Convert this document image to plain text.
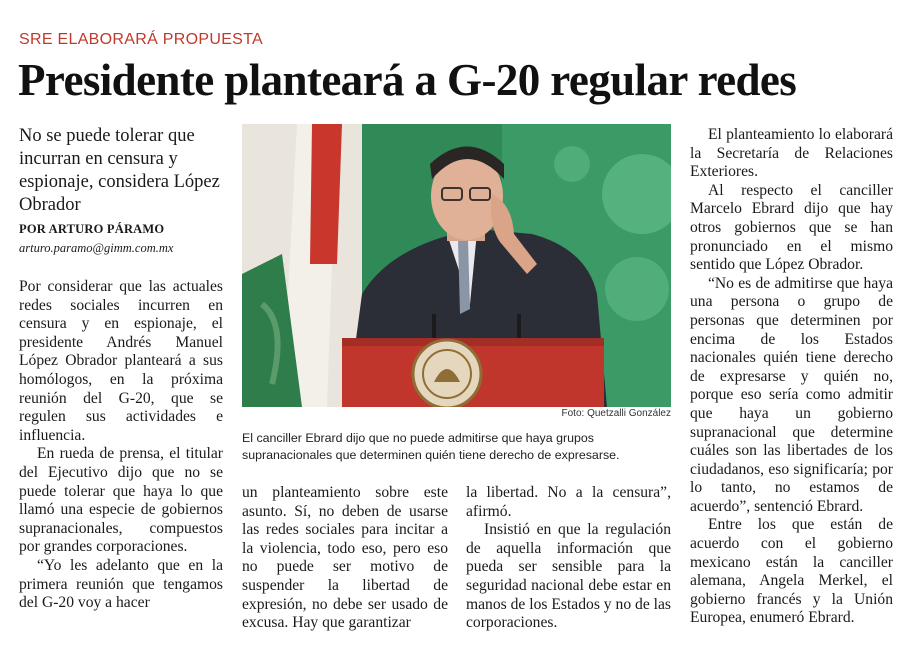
SRE ELABORARÁ PROPUESTA
Presidente planteará a G-20 regular redes
No se puede tolerar que incurran en censura y espionaje, considera López Obrador
POR ARTURO PÁRAMO
arturo.paramo@gimm.com.mx

Por considerar que las actuales redes sociales incurren en censura y en espionaje, el presidente Andrés Manuel López Obrador planteará a sus homólogos, en la próxima reunión del G-20, que se regulen sus actividades e influencia.

En rueda de prensa, el titular del Ejecutivo dijo que no se puede tolerar que haya lo que llamó una especie de gobiernos supranacionales, compuestos por grandes corporaciones.

“Yo les adelanto que en la primera reunión que tengamos del G-20 voy a hacer

Foto: Quetzalli González
El canciller Ebrard dijo que no puede admitirse que haya grupos supranacionales que determinen quién tiene derecho de expresarse.

un planteamiento sobre este asunto. Sí, no deben de usarse las redes sociales para incitar a la violencia, todo eso, pero eso no puede ser motivo de suspender la libertad de expresión, no debe ser usado de excusa. Hay que garantizar

la libertad. No a la censura”, afirmó.

Insistió en que la regulación de aquella información que pueda ser sensible para la seguridad nacional debe estar en manos de los Estados y no de las corporaciones.

El planteamiento lo elaborará la Secretaría de Relaciones Exteriores.

Al respecto el canciller Marcelo Ebrard dijo que hay otros gobiernos que se han pronunciado en el mismo sentido que López Obrador.

“No es de admitirse que haya una persona o grupo de personas que determinen por encima de los Estados nacionales quién tiene derecho de expresarse y quién no, porque eso sería como admitir que haya un gobierno supranacional que determine cuáles son las libertades de los ciudadanos, eso significaría; por lo tanto, no estamos de acuerdo”, sentenció Ebrard.

Entre los que están de acuerdo con el gobierno mexicano están la canciller alemana, Angela Merkel, el gobierno francés y la Unión Europea, enumeró Ebrard.
